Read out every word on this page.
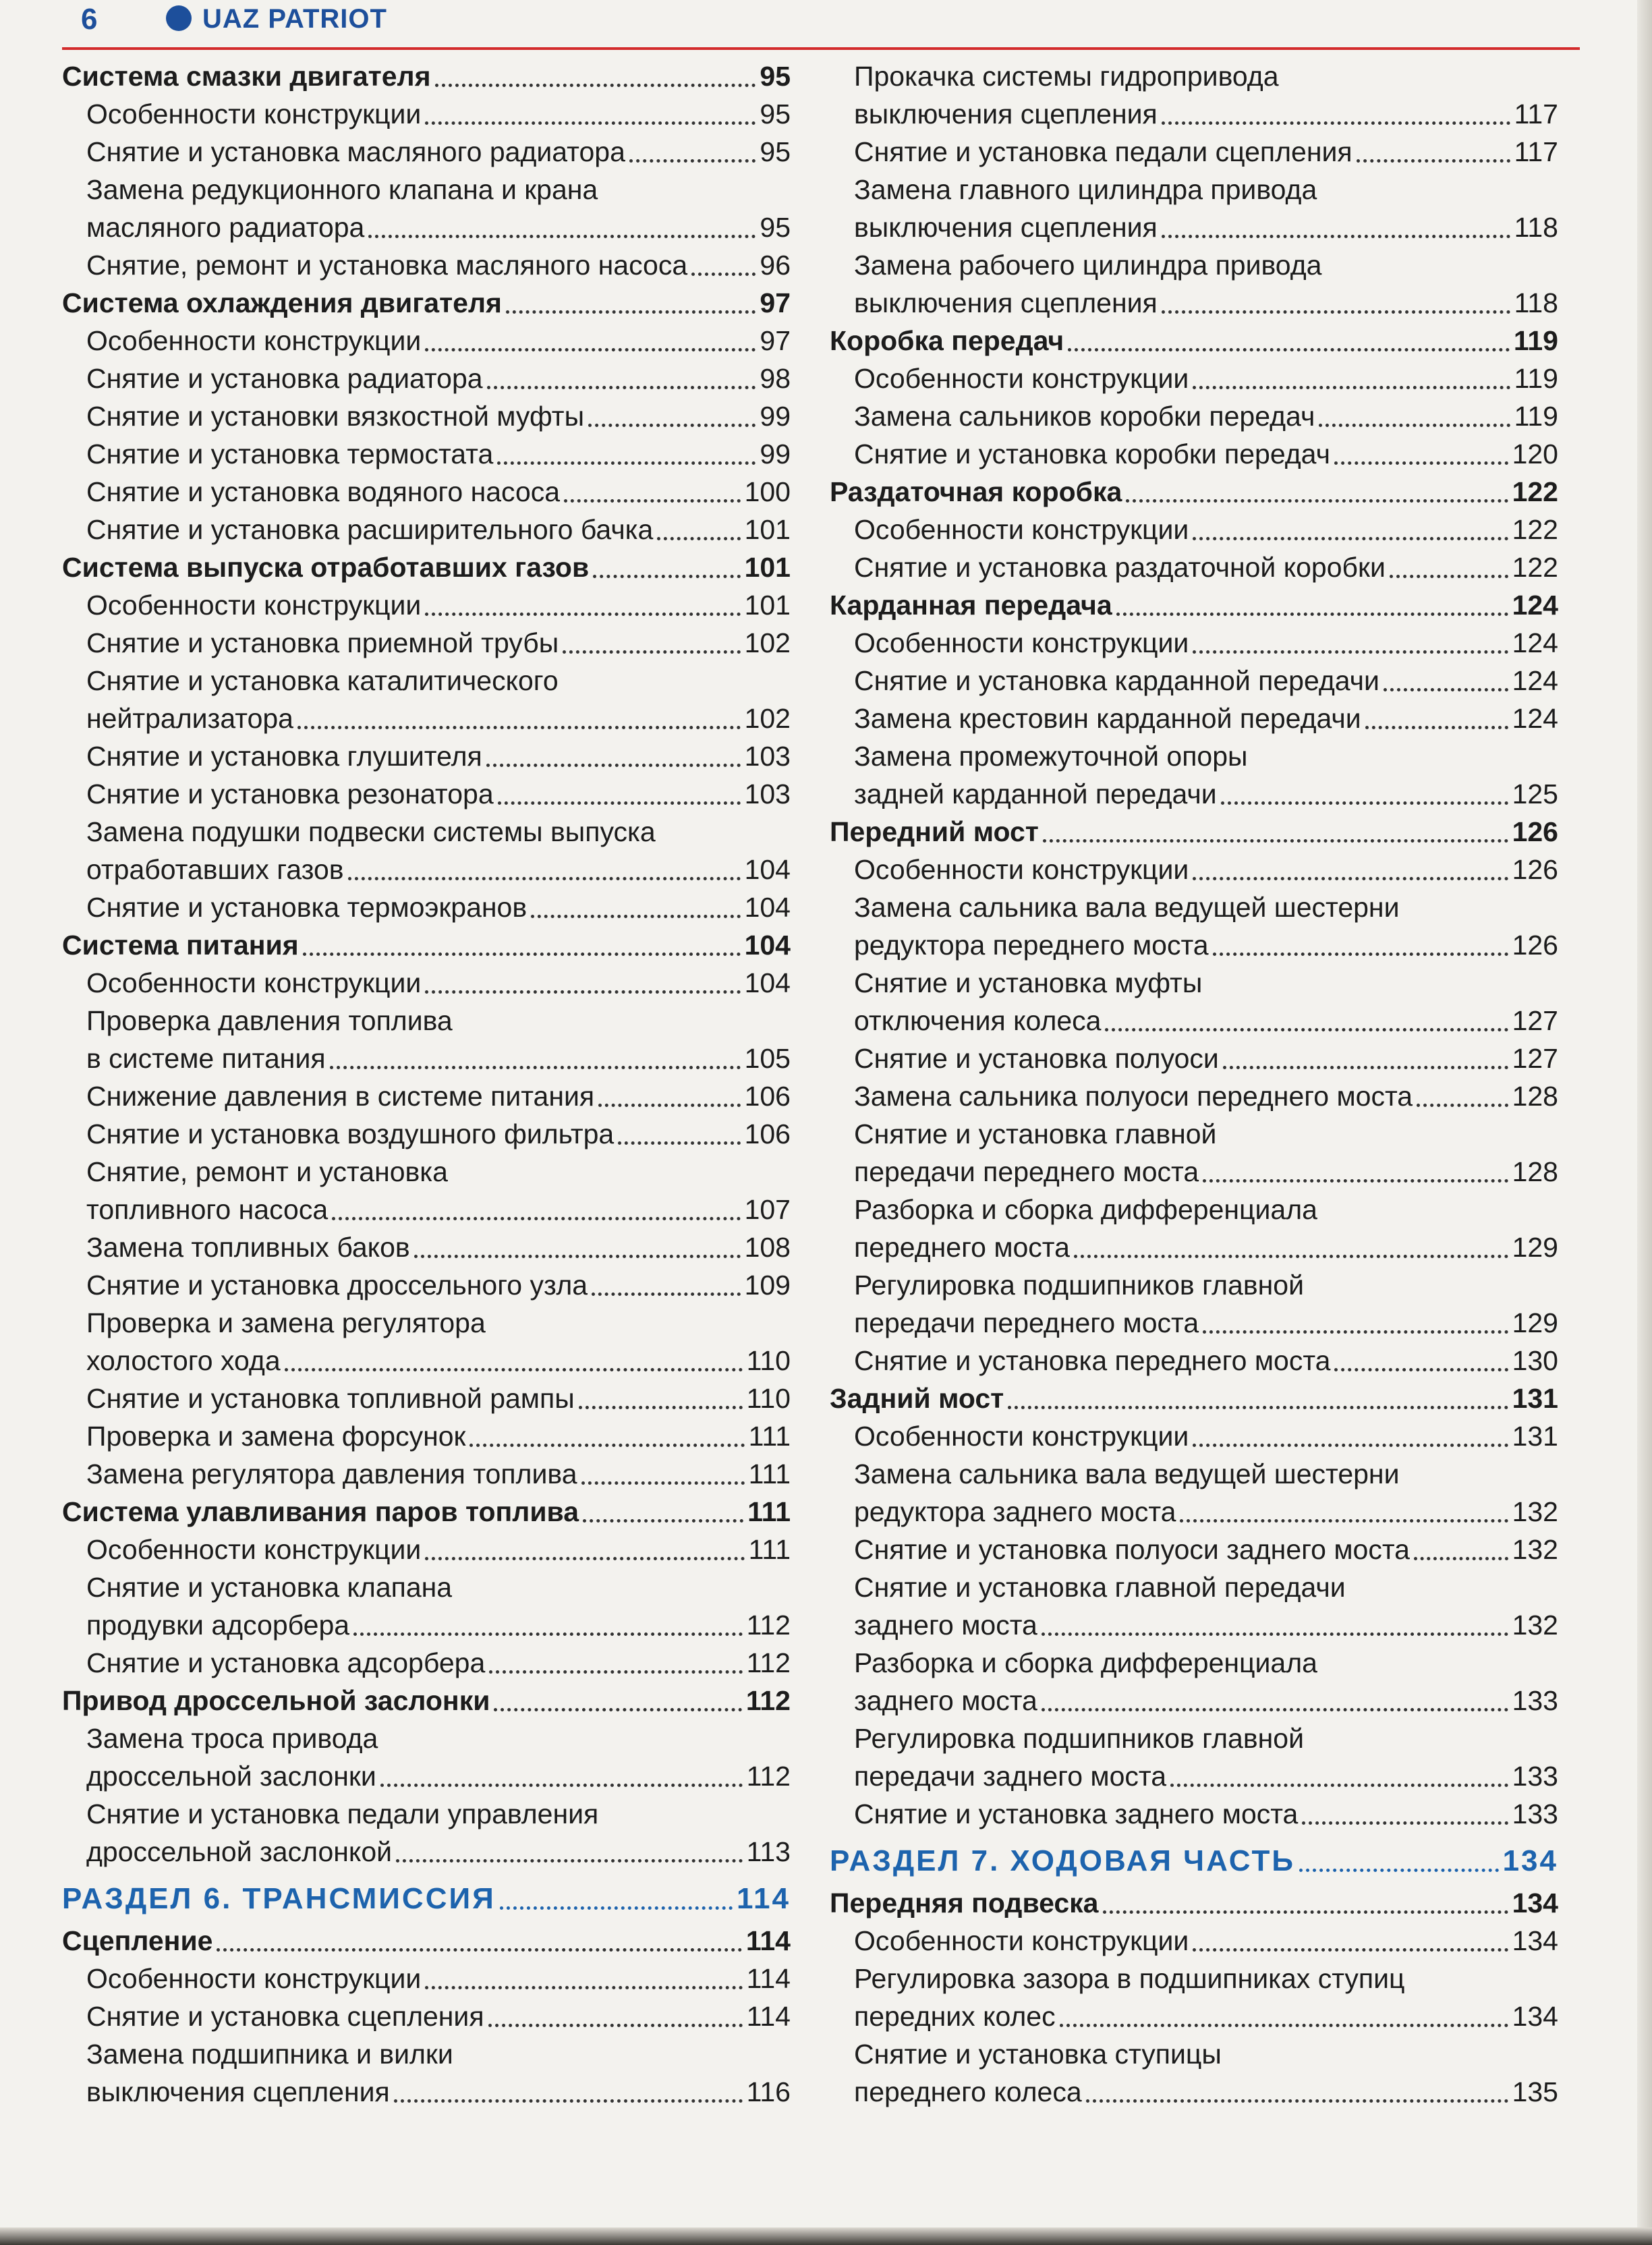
6	UAZ PATRIOT
Система смазки двигателя	95
Особенности конструкции	95
Снятие и установка масляного радиатора	95
Замена редукционного клапана и крана
масляного радиатора	95
Снятие, ремонт и установка масляного насоса	96
Система охлаждения двигателя	97
Особенности конструкции	97
Снятие и установка радиатора	98
Снятие и установки вязкостной муфты	99
Снятие и установка термостата	99
Снятие и установка водяного насоса	100
Снятие и установка расширительного бачка	101
Система выпуска отработавших газов	101
Особенности конструкции	101
Снятие и установка приемной трубы	102
Снятие и установка каталитического
нейтрализатора	102
Снятие и установка глушителя	103
Снятие и установка резонатора	103
Замена подушки подвески системы выпуска
отработавших газов	104
Снятие и установка термоэкранов	104
Система питания	104
Особенности конструкции	104
Проверка давления топлива
в системе питания	105
Снижение давления в системе питания	106
Снятие и установка воздушного фильтра	106
Снятие, ремонт и установка
топливного насоса	107
Замена топливных баков	108
Снятие и установка дроссельного узла	109
Проверка и замена регулятора
холостого хода	110
Снятие и установка топливной рампы	110
Проверка и замена форсунок	111
Замена регулятора давления топлива	111
Система улавливания паров топлива	111
Особенности конструкции	111
Снятие и установка клапана
продувки адсорбера	112
Снятие и установка адсорбера	112
Привод дроссельной заслонки	112
Замена троса привода
дроссельной заслонки	112
Снятие и установка педали управления
дроссельной заслонкой	113
РАЗДЕЛ 6. ТРАНСМИССИЯ	114
Сцепление	114
Особенности конструкции	114
Снятие и установка сцепления	114
Замена подшипника и вилки
выключения сцепления	116
Прокачка системы гидропривода
выключения сцепления	117
Снятие и установка педали сцепления	117
Замена главного цилиндра привода
выключения сцепления	118
Замена рабочего цилиндра привода
выключения сцепления	118
Коробка передач	119
Особенности конструкции	119
Замена сальников коробки передач	119
Снятие и установка коробки передач	120
Раздаточная коробка	122
Особенности конструкции	122
Снятие и установка раздаточной коробки	122
Карданная передача	124
Особенности конструкции	124
Снятие и установка карданной передачи	124
Замена крестовин карданной передачи	124
Замена промежуточной опоры
задней карданной передачи	125
Передний мост	126
Особенности конструкции	126
Замена сальника вала ведущей шестерни
редуктора переднего моста	126
Снятие и установка муфты
отключения колеса	127
Снятие и установка полуоси	127
Замена сальника полуоси переднего моста	128
Снятие и установка главной
передачи переднего моста	128
Разборка и сборка дифференциала
переднего моста	129
Регулировка подшипников главной
передачи переднего моста	129
Снятие и установка переднего моста	130
Задний мост	131
Особенности конструкции	131
Замена сальника вала ведущей шестерни
редуктора заднего моста	132
Снятие и установка полуоси заднего моста	132
Снятие и установка главной передачи
заднего моста	132
Разборка и сборка дифференциала
заднего моста	133
Регулировка подшипников главной
передачи заднего моста	133
Снятие и установка заднего моста	133
РАЗДЕЛ 7. ХОДОВАЯ ЧАСТЬ	134
Передняя подвеска	134
Особенности конструкции	134
Регулировка зазора в подшипниках ступиц
передних колес	134
Снятие и установка ступицы
переднего колеса	135
